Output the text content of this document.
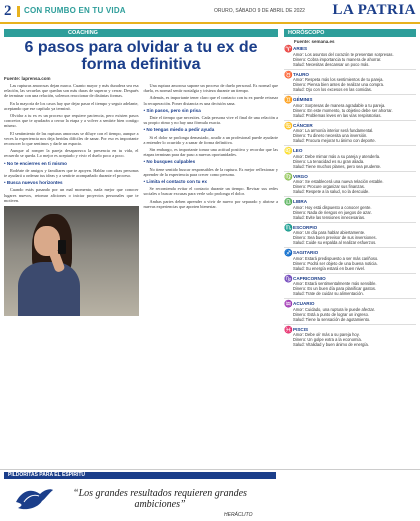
2 CON RUMBO EN TU VIDA	ORURO, SÁBADO 9 DE ABRIL DE 2022 LA PATRIA
COACHING
6 pasos para olvidar a tu ex de forma definitiva
Fuente: laprensa.com

Las rupturas amorosas dejan marca. Cuanto mayor y más duradera sea esa relación, las secuelas que quedan son más duras de superar y cerrar. Después de terminar con una relación, solemos reaccionar de distintas formas.

En la mayoría de los casos hay que dejar pasar el tiempo y seguir adelante, aceptando que ese capítulo ya terminó.

Olvidar a tu ex es un proceso que requiere paciencia, pero existen pasos concretos que te ayudarán a cerrar la etapa y a volver a sentirte bien contigo mismo.

El sentimiento de las rupturas amorosas se diluye con el tiempo, aunque a veces la experiencia nos deja heridas difíciles de sanar. Por eso es importante reconocer lo que sentimos y darle un espacio.

Aunque al romper la pareja desaparezca la presencia en tu vida, el recuerdo se queda. Lo mejor es aceptarlo y vivir el duelo poco a poco.

• No te encierres en ti mismo

Rodéate de amigos y familiares que te apoyen. Hablar con otras personas te ayudará a ordenar tus ideas y a sentirte acompañado durante el proceso.

• Busca nuevos horizontes

Cuando estás pasando por un mal momento, nada mejor que conocer lugares nuevos, retomar aficiones o iniciar proyectos personales que te motiven.

Una ruptura amorosa supone un proceso de duelo personal. Es normal que duela, es normal sentir nostalgia y tristeza durante un tiempo.

Además, es importante tener claro que el contacto con tu ex puede retrasar la recuperación. Poner distancia es una decisión sana.

• Sin pasos, pero sin prisa

Date el tiempo que necesites. Cada persona vive el final de una relación a su propio ritmo y no hay una fórmula exacta.

• No tengas miedo a pedir ayuda

Si el dolor se prolonga demasiado, acudir a un profesional puede ayudarte a entender lo ocurrido y a sanar de forma definitiva.

Sin embargo, es importante tomar una actitud positiva y recordar que las etapas terminan para dar paso a nuevas oportunidades.

• No busques culpables

No tiene sentido buscar responsables de la ruptura. Es mejor reflexionar y aprender de la experiencia para crecer como persona.

• Limita el contacto con tu ex

Se recomienda evitar el contacto durante un tiempo. Revisar sus redes sociales o buscar excusas para verle solo prolonga el dolor.

Ambas partes deben aprender a vivir de nuevo por separado y abrirse a nuevas experiencias que aporten bienestar.

HORÓSCOPO
Fuente: semana.es
♈ ARIES
Amor: Los asuntos del corazón te presentan sorpresas.
Dinero: Cobra importancia tu manera de ahorrar.
Salud: Necesitas descansar un poco más.
♉ TAURO
Amor: Respeta más los sentimientos de tu pareja.
Dinero: Piensa bien antes de realizar una compra.
Salud: Ojo con los excesos en las comidas.
♊ GÉMINIS
Amor: Sorpresas de manera agradable a tu pareja.
Dinero: En este momento, tu objetivo debe ser ahorrar.
Salud: Problemas leves en las vías respiratorias.
♋ CÁNCER
Amor: La armonía interior será fundamental.
Dinero: Tu dinero necesita una inversión.
Salud: Procura mejorar tu ánimo con deporte.
♌ LEO
Amor: Debe mimar más a su pareja y atenderla.
Dinero: La tenacidad es su gran aliada.
Salud: Tiene muchos planes, pero sea prudente.
♍ VIRGO
Amor: Se establecerá una nueva relación estable.
Dinero: Procure organizar sus finanzas.
Salud: Respete a la salud, no la descuide.
♎ LIBRA
Amor: Hoy está dispuesto a conocer gente.
Dinero: Nada de riesgos en juegos de azar.
Salud: Evite las tensiones innecesarias.
♏ ESCORPIO
Amor: Un día para hablar abiertamente.
Dinero: Sea buen previsor de sus inversiones.
Salud: Cuide su espalda al realizar esfuerzos.
♐ SAGITARIO
Amor: Estará predispuesto a ser más cariñoso.
Dinero: Podrá ser objeto de una buena noticia.
Salud: Su energía estará en buen nivel.
♑ CAPRICORNIO
Amor: Estará sentimentalmente más sensible.
Dinero: Es un buen día para planificar gastos.
Salud: Trate de cuidar su alimentación.
♒ ACUARIO
Amor: Cuidado, una ruptura le puede afectar.
Dinero: Está a punto de lograr un ingreso.
Salud: Tiene la sensación de agotamiento.
♓ PISCIS
Amor: Debe oír más a su pareja hoy.
Dinero: Un golpe extra a la economía.
Salud: Vitalidad y buen ánimo de energía.
PILDORITAS PARA EL ESPÍRITU
“Los grandes resultados requieren grandes ambiciones”
HERÁCLITO
